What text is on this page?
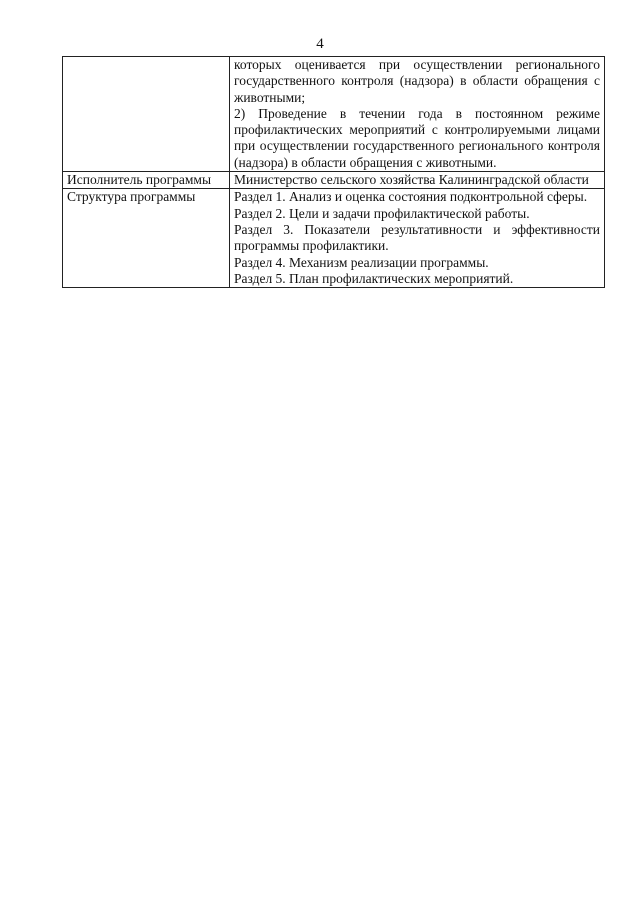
4

	которых оценивается при осуществлении регионального государственного контроля (надзора) в области обращения с животными;
2) Проведение в течении года в постоянном режиме профилактических мероприятий с контролируемыми лицами при осуществлении государственного регионального контроля (надзора) в области обращения с животными.

Исполнитель программы	Министерство сельского хозяйства Калининградской области

Структура программы	Раздел 1. Анализ и оценка состояния подконтрольной сферы.
Раздел 2. Цели и задачи профилактической работы.
Раздел 3. Показатели результативности и эффективности программы профилактики.
Раздел 4. Механизм реализации программы.
Раздел 5. План профилактических мероприятий.
